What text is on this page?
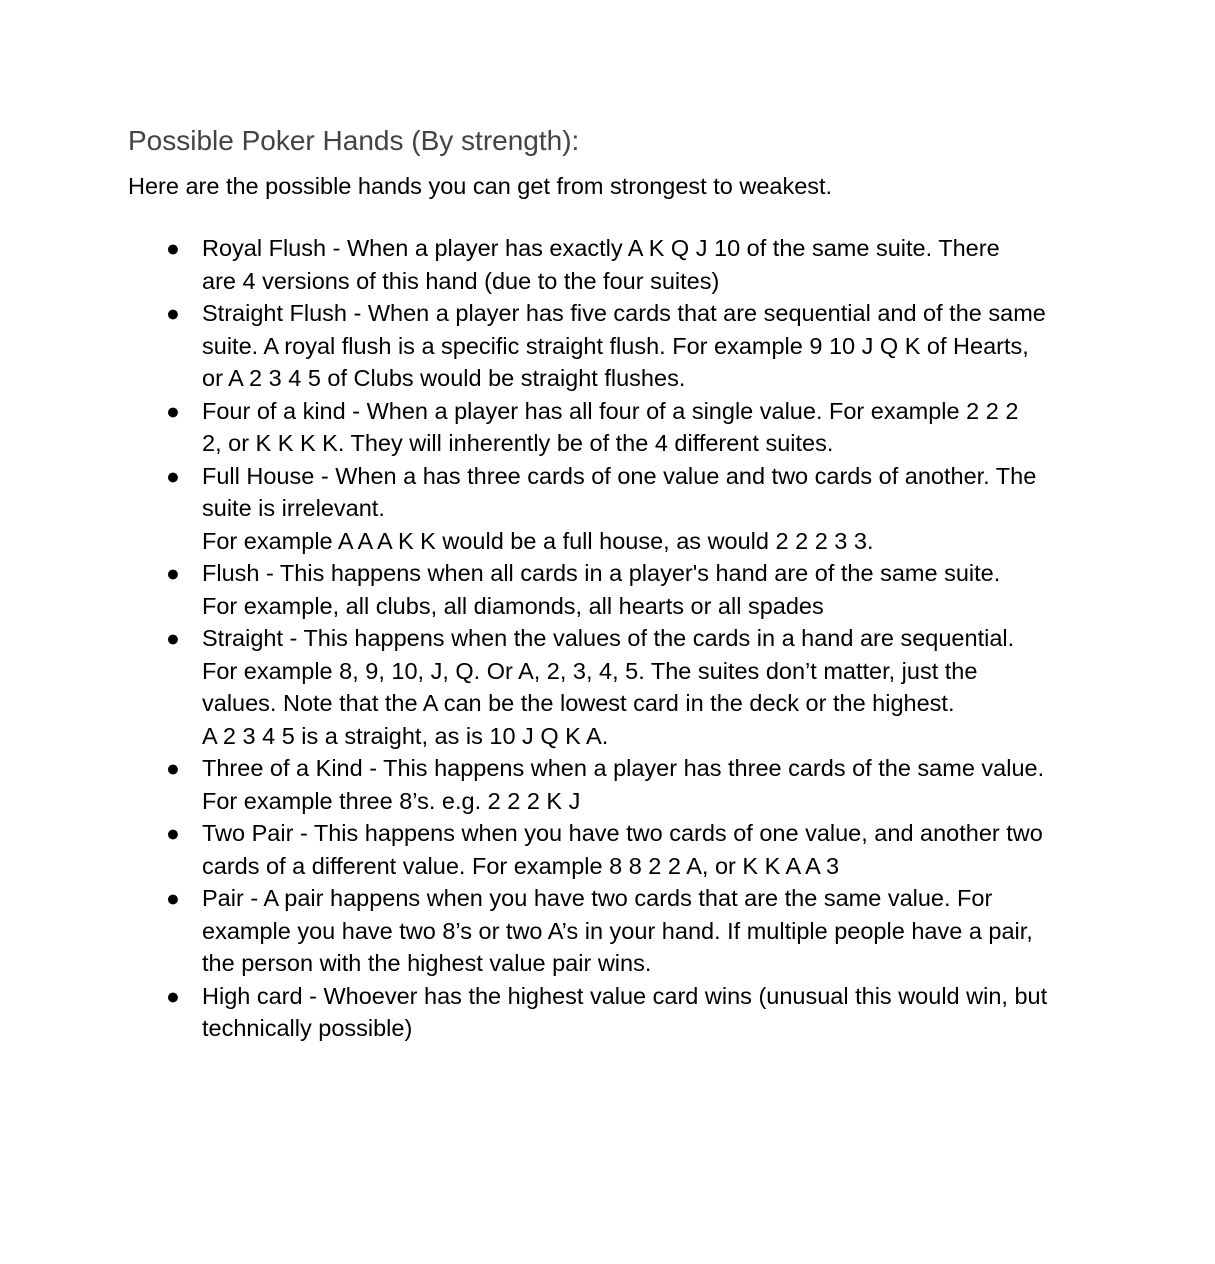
Possible Poker Hands (By strength):

Here are the possible hands you can get from strongest to weakest.

● Royal Flush - When a player has exactly A K Q J 10 of the same suite. There
are 4 versions of this hand (due to the four suites)
● Straight Flush - When a player has five cards that are sequential and of the same
suite. A royal flush is a specific straight flush. For example 9 10 J Q K of Hearts,
or A 2 3 4 5 of Clubs would be straight flushes.
● Four of a kind - When a player has all four of a single value. For example 2 2 2
2, or K K K K. They will inherently be of the 4 different suites.
● Full House - When a has three cards of one value and two cards of another. The
suite is irrelevant.
For example A A A K K would be a full house, as would 2 2 2 3 3.
● Flush - This happens when all cards in a player's hand are of the same suite.
For example, all clubs, all diamonds, all hearts or all spades
● Straight - This happens when the values of the cards in a hand are sequential.
For example 8, 9, 10, J, Q. Or A, 2, 3, 4, 5. The suites don’t matter, just the
values. Note that the A can be the lowest card in the deck or the highest.
A 2 3 4 5 is a straight, as is 10 J Q K A.
● Three of a Kind - This happens when a player has three cards of the same value.
For example three 8’s. e.g. 2 2 2 K J
● Two Pair - This happens when you have two cards of one value, and another two
cards of a different value. For example 8 8 2 2 A, or K K A A 3
● Pair - A pair happens when you have two cards that are the same value. For
example you have two 8’s or two A’s in your hand. If multiple people have a pair,
the person with the highest value pair wins.
● High card - Whoever has the highest value card wins (unusual this would win, but
technically possible)
